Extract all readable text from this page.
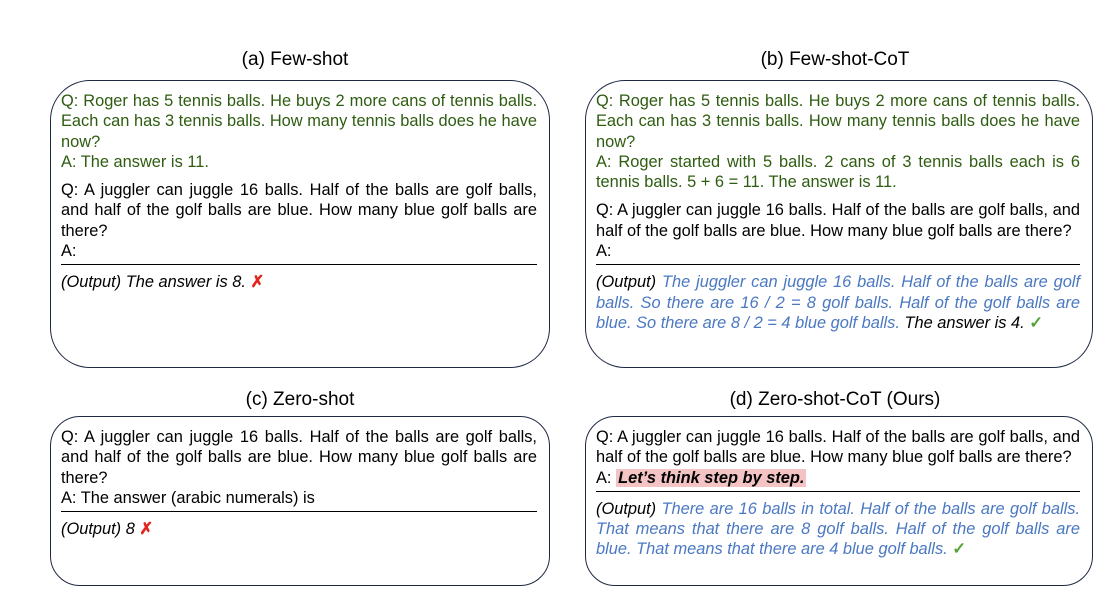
(a) Few-shot
Q: Roger has 5 tennis balls. He buys 2 more cans of tennis balls. Each can has 3 tennis balls. How many tennis balls does he have now?
A: The answer is 11.
Q: A juggler can juggle 16 balls. Half of the balls are golf balls, and half of the golf balls are blue. How many blue golf balls are there?
A:
(Output) The answer is 8. ✗
(b) Few-shot-CoT
Q: Roger has 5 tennis balls. He buys 2 more cans of tennis balls. Each can has 3 tennis balls. How many tennis balls does he have now?
A: Roger started with 5 balls. 2 cans of 3 tennis balls each is 6 tennis balls. 5 + 6 = 11. The answer is 11.
Q: A juggler can juggle 16 balls. Half of the balls are golf balls, and half of the golf balls are blue. How many blue golf balls are there?
A:
(Output) The juggler can juggle 16 balls. Half of the balls are golf balls. So there are 16 / 2 = 8 golf balls. Half of the golf balls are blue. So there are 8 / 2 = 4 blue golf balls. The answer is 4. ✓
(c) Zero-shot
Q: A juggler can juggle 16 balls. Half of the balls are golf balls, and half of the golf balls are blue. How many blue golf balls are there?
A: The answer (arabic numerals) is
(Output) 8 ✗
(d) Zero-shot-CoT (Ours)
Q: A juggler can juggle 16 balls. Half of the balls are golf balls, and half of the golf balls are blue. How many blue golf balls are there?
A: Let’s think step by step.
(Output) There are 16 balls in total. Half of the balls are golf balls. That means that there are 8 golf balls. Half of the golf balls are blue. That means that there are 4 blue golf balls. ✓
